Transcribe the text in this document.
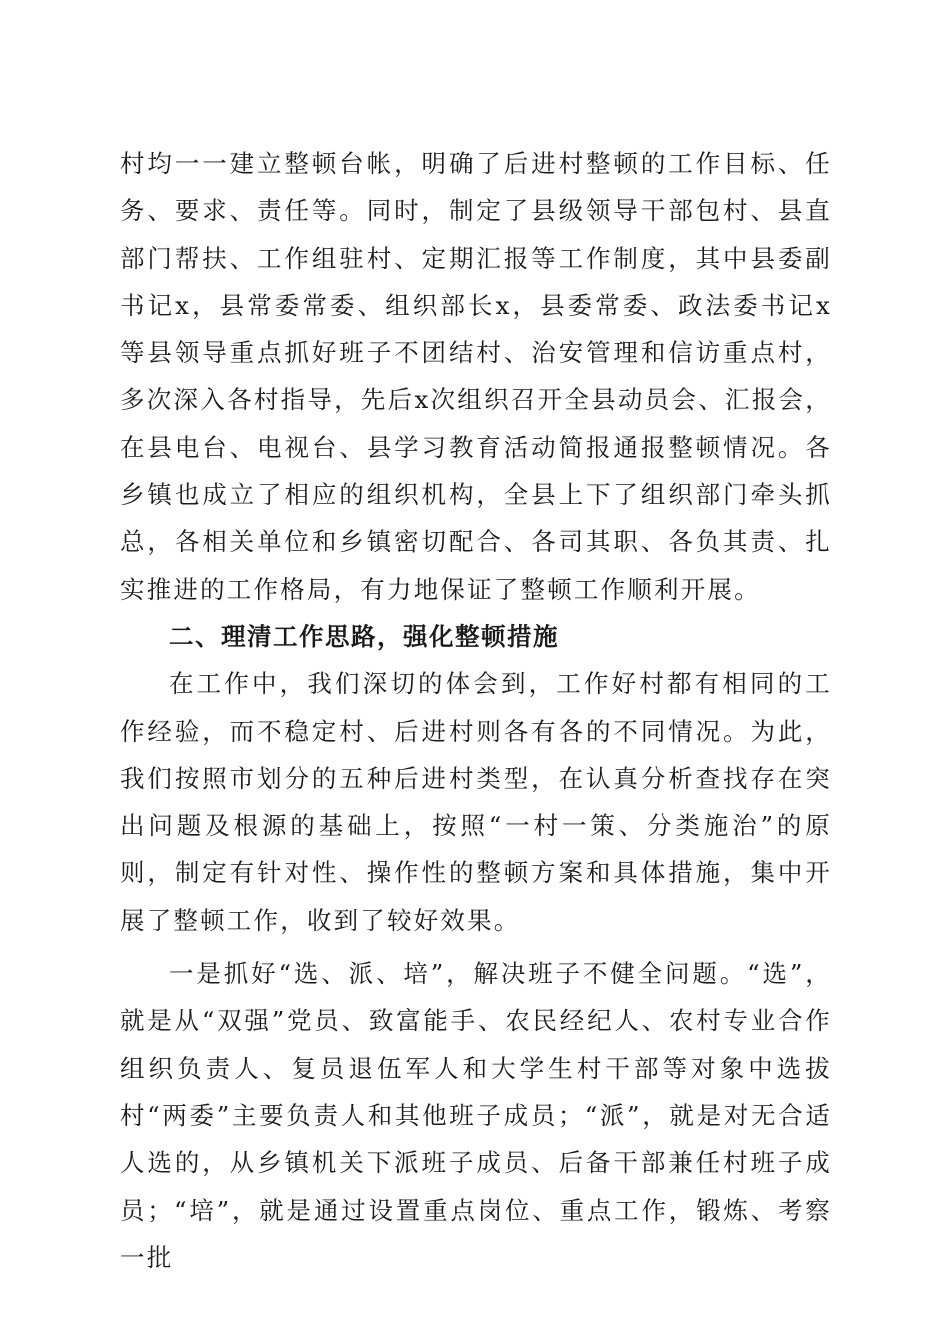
村均一一建立整顿台帐，明确了后进村整顿的工作目标、任务、要求、责任等。同时，制定了县级领导干部包村、县直部门帮扶、工作组驻村、定期汇报等工作制度，其中县委副书记x，县常委常委、组织部长x，县委常委、政法委书记x等县领导重点抓好班子不团结村、治安管理和信访重点村，多次深入各村指导，先后x次组织召开全县动员会、汇报会，在县电台、电视台、县学习教育活动简报通报整顿情况。各乡镇也成立了相应的组织机构，全县上下了组织部门牵头抓总，各相关单位和乡镇密切配合、各司其职、各负其责、扎实推进的工作格局，有力地保证了整顿工作顺利开展。

二、理清工作思路，强化整顿措施

在工作中，我们深切的体会到，工作好村都有相同的工作经验，而不稳定村、后进村则各有各的不同情况。为此，我们按照市划分的五种后进村类型，在认真分析查找存在突出问题及根源的基础上，按照“一村一策、分类施治”的原则，制定有针对性、操作性的整顿方案和具体措施，集中开展了整顿工作，收到了较好效果。

一是抓好“选、派、培”，解决班子不健全问题。“选”，就是从“双强”党员、致富能手、农民经纪人、农村专业合作组织负责人、复员退伍军人和大学生村干部等对象中选拔村“两委”主要负责人和其他班子成员；“派”，就是对无合适人选的，从乡镇机关下派班子成员、后备干部兼任村班子成员；“培”，就是通过设置重点岗位、重点工作，锻炼、考察一批
